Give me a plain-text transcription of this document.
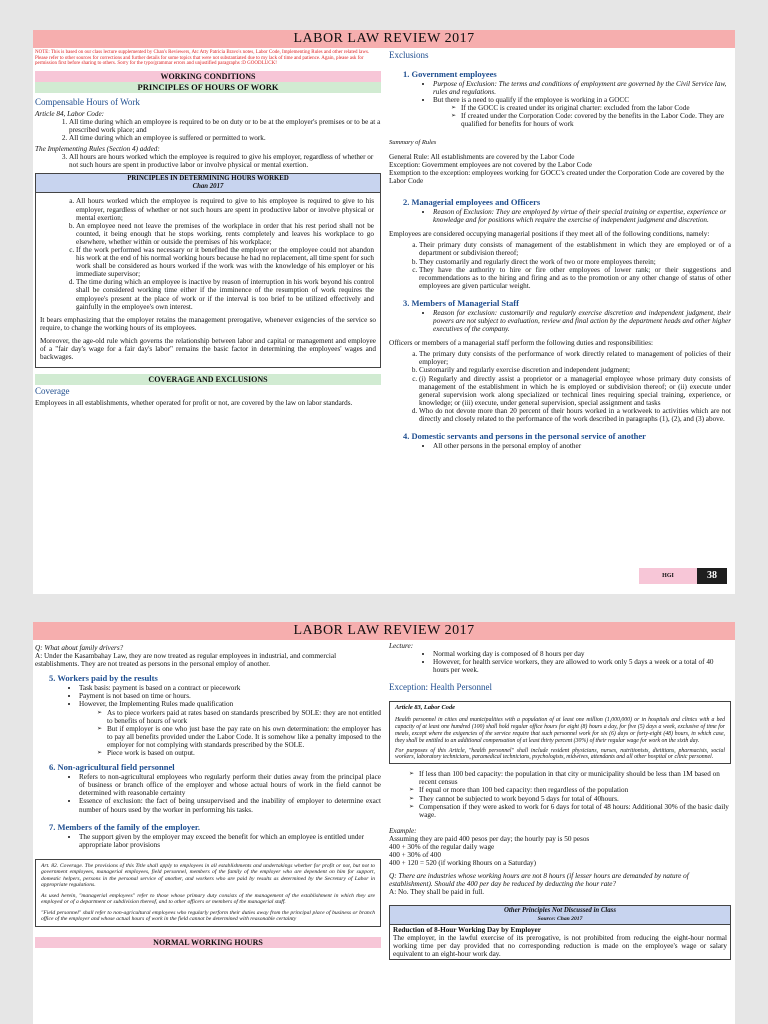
LABOR LAW REVIEW 2017
NOTE: This is based on our class lecture supplemented by Chan's Reviewers, Atc Atty Patricia Bravo's notes, Labor Code, Implementing Rules and other related laws. Please refer to other sources for corrections and further details for some topics that were not substantiated due to my lack of time and patience. Again, please ask for permission first before sharing to others. Sorry for the typo/grammar errors and unjustified paragraphs :D GOODLUCK!
WORKING CONDITIONS
PRINCIPLES OF HOURS OF WORK
Compensable Hours of Work
Article 84, Labor Code:
1. All time during which an employee is required to be on duty or to be at the employer's premises or to be at a prescribed work place; and
2. All time during which an employee is suffered or permitted to work.
The Implementing Rules (Section 4) added:
3. All hours are hours worked which the employee is required to give his employer, regardless of whether or not such hours are spent in productive labor or involve physical or mental exertion.
PRINCIPLES IN DETERMINING HOURS WORKED
Chan 2017
a. All hours worked which the employee is required to give to his employee is required to give to his employer, regardless of whether or not such hours are spent in productive labor or involve physical or mental exertion;
b. An employee need not leave the premises of the workplace in order that his rest period shall not be counted, it being enough that he stops working, rents completely and leaves his workplace to go elsewhere, whether within or outside the premises of his workplace;
c. If the work performed was necessary or it benefited the employer or the employee could not abandon his work at the end of his normal working hours because he had no replacement, all time spent for such work shall be considered as hours worked if the work was with the knowledge of his employer or his immediate supervisor;
d. The time during which an employee is inactive by reason of interruption in his work beyond his control shall be considered working time either if the imminence of the resumption of work requires the employee's present at the place of work or if the interval is too brief to be utilized effectively and gainfully in the employee's own interest.

It bears emphasizing that the employer retains the management prerogative, whenever exigencies of the service so require, to change the working hours of its employees.

Moreover, the age-old rule which governs the relationship between labor and capital or management and employee of a "fair day's wage for a fair day's labor" remains the basic factor in determining the employees' wages and backwages.

COVERAGE AND EXCLUSIONS
Coverage
Employees in all establishments, whether operated for profit or not, are covered by the law on labor standards.
Exclusions
1. Government employees
• Purpose of Exclusion: The terms and conditions of employment are governed by the Civil Service law, rules and regulations.
• But there is a need to qualify if the employee is working in a GOCC
➢ If the GOCC is created under its original charter: excluded from the labor Code
➢ If created under the Corporation Code: covered by the benefits in the Labor Code. They are qualified for benefits for hours of work
Summary of Rules
General Rule: All establishments are covered by the Labor Code
Exception: Government employees are not covered by the Labor Code
Exemption to the exception: employees working for GOCC's created under the Corporation Code are covered by the Labor Code
2. Managerial employees and Officers
• Reason of Exclusion: They are employed by virtue of their special training or expertise, experience or knowledge and for positions which require the exercise of independent judgment and discretion.

Employees are considered occupying managerial positions if they meet all of the following conditions, namely:

a. Their primary duty consists of management of the establishment in which they are employed or of a department or subdivision thereof;
b. They customarily and regularly direct the work of two or more employees therein;
c. They have the authority to hire or fire other employees of lower rank; or their suggestions and recommendations as to the hiring and firing and as to the promotion or any other change of status of other employees are given particular weight.
3. Members of Managerial Staff
• Reason for exclusion: customarily and regularly exercise discretion and independent judgment, their powers are not subject to evaluation, review and final action by the department heads and other higher executives of the company.

Officers or members of a managerial staff perform the following duties and responsibilities:

a. The primary duty consists of the performance of work directly related to management of policies of their employer;
b. Customarily and regularly exercise discretion and independent judgment;
c. (i) Regularly and directly assist a proprietor or a managerial employee whose primary duty consists of management of the establishment in which he is employed or subdivision thereof; or (ii) execute under general supervision work along specialized or technical lines requiring special training, experience, or knowledge; or (iii) execute, under general supervision, special assignment and tasks
d. Who do not devote more than 20 percent of their hours worked in a workweek to activities which are not directly and closely related to the performance of the work described in paragraphs (1), (2), and (3) above.
4. Domestic servants and persons in the personal service of another
• All other persons in the personal employ of another
HGI	38
LABOR LAW REVIEW 2017
Q: What about family drivers?
A: Under the Kasambahay Law, they are now treated as regular employees in industrial, and commercial establishments. They are not treated as persons in the personal employ of another.
5. Workers paid by the results
• Task basis: payment is based on a contract or piecework
• Payment is not based on time or hours.
• However, the Implementing Rules made qualification
➢ As to piece workers paid at rates based on standards prescribed by SOLE: they are not entitled to benefits of hours of work
➢ But if employer is one who just base the pay rate on his own determination: the employer has to pay all benefits provided under the Labor Code. It is somehow like a penalty imposed to the employer for not complying with standards prescribed by the SOLE.
➢ Piece work is based on output.
6. Non-agricultural field personnel
• Refers to non-agricultural employees who regularly perform their duties away from the principal place of business or branch office of the employer and whose actual hours of work in the field cannot be determined with reasonable certainty
• Essence of exclusion: the fact of being unsupervised and the inability of employer to determine exact number of hours used by the worker in performing his tasks.
7. Members of the family of the employer.
• The support given by the employer may exceed the benefit for which an employee is entitled under appropriate labor provisions

Art. 82. Coverage. The provisions of this Title shall apply to employees in all establishments and undertakings whether for profit or not, but not to government employees, managerial employees, field personnel, members of the family of the employer who are dependent on him for support, domestic helpers, persons in the personal service of another, and workers who are paid by results as determined by the Secretary of Labor in appropriate regulations.

As used herein, "managerial employees" refer to those whose primary duty consists of the management of the establishment in which they are employed or of a department or subdivision thereof, and to other officers or members of the managerial staff.

"Field personnel" shall refer to non-agricultural employees who regularly perform their duties away from the principal place of business or branch office of the employer and whose actual hours of work in the field cannot be determined with reasonable certainty

NORMAL WORKING HOURS
Lecture:
• Normal working day is composed of 8 hours per day
• However, for health service workers, they are allowed to work only 5 days a week or a total of 40 hours per week.
Exception: Health Personnel
Article 83, Labor Code

Health personnel in cities and municipalities with a population of at least one million (1,000,000) or in hospitals and clinics with a bed capacity of at least one hundred (100) shall hold regular office hours for eight (8) hours a day, for five (5) days a week, exclusive of time for meals, except where the exigencies of the service require that such personnel work for six (6) days or forty-eight (48) hours, in which case, they shall be entitled to an additional compensation of at least thirty percent (30%) of their regular wage for work on the sixth day.

For purposes of this Article, "health personnel" shall include resident physicians, nurses, nutritionists, dietitians, pharmacists, social workers, laboratory technicians, paramedical technicians, psychologists, midwives, attendants and all other hospital or clinic personnel.

➢ If less than 100 bed capacity: the population in that city or municipality should be less than 1M based on recent census
➢ If equal or more than 100 bed capacity: then regardless of the population
➢ They cannot be subjected to work beyond 5 days for total of 40hours.
➢ Compensation if they were asked to work for 6 days for total of 48 hours: Additional 30% of the basic daily wage.
Example:
Assuming they are paid 400 pesos per day; the hourly pay is 50 pesos
400 + 30% of the regular daily wage
400 + 30% of 400
400 + 120 = 520 (if working 8hours on a Saturday)
Q: There are industries whose working hours are not 8 hours (if lesser hours are demanded by nature of establishment). Should the 400 per day be reduced by deducting the hour rate?
A: No. They shall be paid in full.
Other Principles Not Discussed in Class
Source: Chan 2017
Reduction of 8-Hour Working Day by Employer
The employer, in the lawful exercise of its prerogative, is not prohibited from reducing the eight-hour normal working time per day provided that no corresponding reduction is made on the employee's wage or salary equivalent to an eight-hour work day.
